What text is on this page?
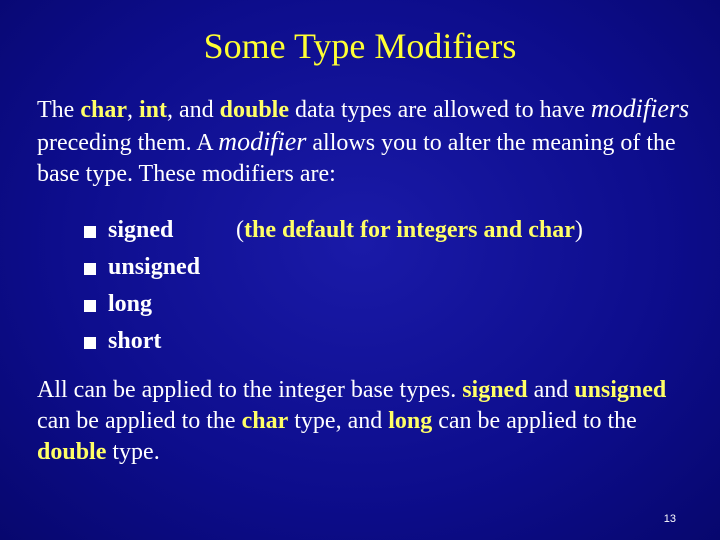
Some Type Modifiers
The char, int, and double data types are allowed to have modifiers preceding them. A modifier allows you to alter the meaning of the base type. These modifiers are:
signed	(the default for integers and char)
unsigned
long
short
All can be applied to the integer base types. signed and unsigned can be applied to the char type, and long can be applied to the double type.
13
